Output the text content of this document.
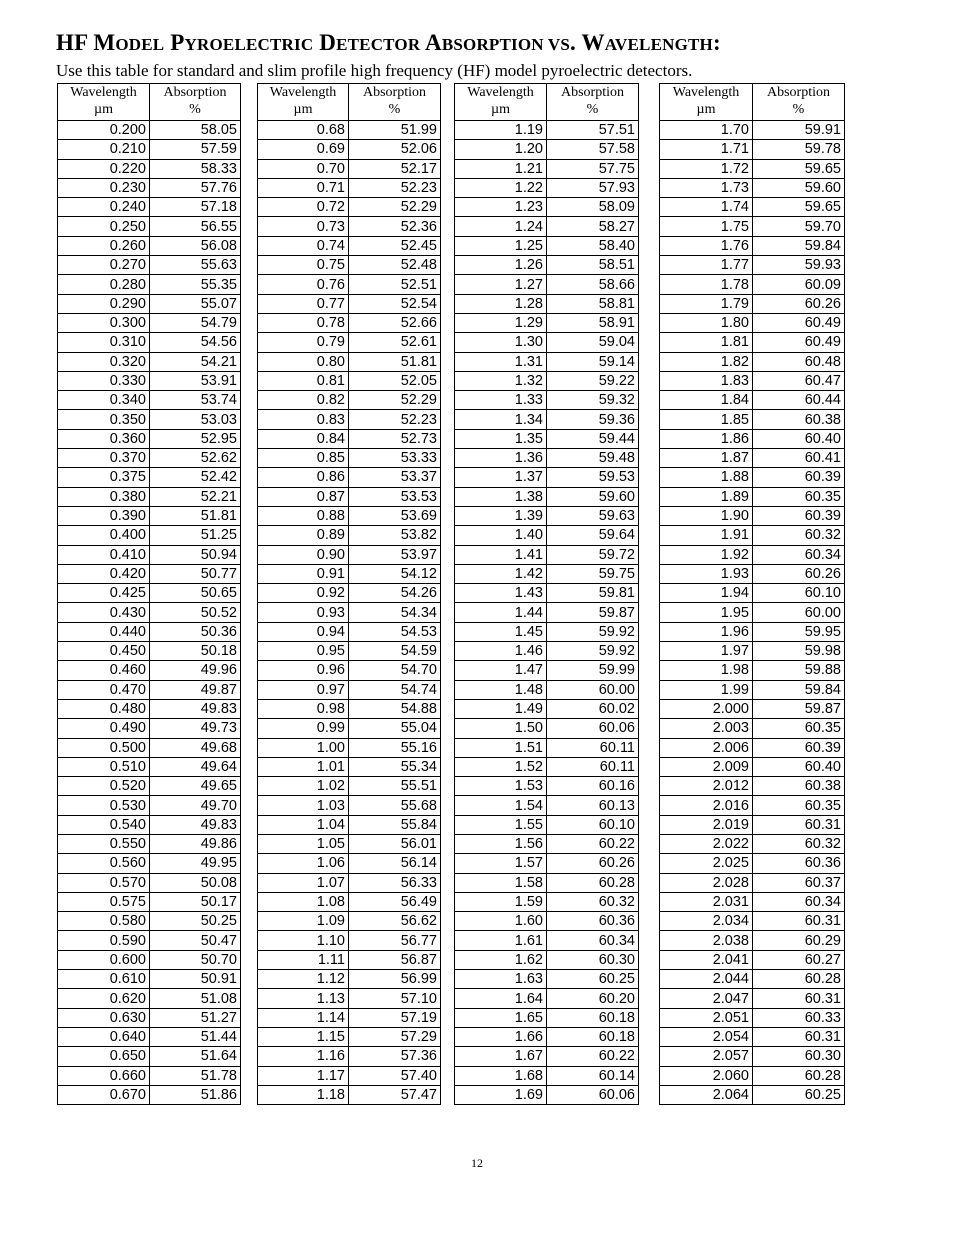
HF MODEL PYROELECTRIC DETECTOR ABSORPTION VS. WAVELENGTH:
Use this table for standard and slim profile high frequency (HF) model pyroelectric detectors.
Wavelength
µm	Absorption
%
0.200	58.05
0.210	57.59
0.220	58.33
0.230	57.76
0.240	57.18
0.250	56.55
0.260	56.08
0.270	55.63
0.280	55.35
0.290	55.07
0.300	54.79
0.310	54.56
0.320	54.21
0.330	53.91
0.340	53.74
0.350	53.03
0.360	52.95
0.370	52.62
0.375	52.42
0.380	52.21
0.390	51.81
0.400	51.25
0.410	50.94
0.420	50.77
0.425	50.65
0.430	50.52
0.440	50.36
0.450	50.18
0.460	49.96
0.470	49.87
0.480	49.83
0.490	49.73
0.500	49.68
0.510	49.64
0.520	49.65
0.530	49.70
0.540	49.83
0.550	49.86
0.560	49.95
0.570	50.08
0.575	50.17
0.580	50.25
0.590	50.47
0.600	50.70
0.610	50.91
0.620	51.08
0.630	51.27
0.640	51.44
0.650	51.64
0.660	51.78
0.670	51.86
Wavelength
µm	Absorption
%
0.68	51.99
0.69	52.06
0.70	52.17
0.71	52.23
0.72	52.29
0.73	52.36
0.74	52.45
0.75	52.48
0.76	52.51
0.77	52.54
0.78	52.66
0.79	52.61
0.80	51.81
0.81	52.05
0.82	52.29
0.83	52.23
0.84	52.73
0.85	53.33
0.86	53.37
0.87	53.53
0.88	53.69
0.89	53.82
0.90	53.97
0.91	54.12
0.92	54.26
0.93	54.34
0.94	54.53
0.95	54.59
0.96	54.70
0.97	54.74
0.98	54.88
0.99	55.04
1.00	55.16
1.01	55.34
1.02	55.51
1.03	55.68
1.04	55.84
1.05	56.01
1.06	56.14
1.07	56.33
1.08	56.49
1.09	56.62
1.10	56.77
1.11	56.87
1.12	56.99
1.13	57.10
1.14	57.19
1.15	57.29
1.16	57.36
1.17	57.40
1.18	57.47
Wavelength
µm	Absorption
%
1.19	57.51
1.20	57.58
1.21	57.75
1.22	57.93
1.23	58.09
1.24	58.27
1.25	58.40
1.26	58.51
1.27	58.66
1.28	58.81
1.29	58.91
1.30	59.04
1.31	59.14
1.32	59.22
1.33	59.32
1.34	59.36
1.35	59.44
1.36	59.48
1.37	59.53
1.38	59.60
1.39	59.63
1.40	59.64
1.41	59.72
1.42	59.75
1.43	59.81
1.44	59.87
1.45	59.92
1.46	59.92
1.47	59.99
1.48	60.00
1.49	60.02
1.50	60.06
1.51	60.11
1.52	60.11
1.53	60.16
1.54	60.13
1.55	60.10
1.56	60.22
1.57	60.26
1.58	60.28
1.59	60.32
1.60	60.36
1.61	60.34
1.62	60.30
1.63	60.25
1.64	60.20
1.65	60.18
1.66	60.18
1.67	60.22
1.68	60.14
1.69	60.06
Wavelength
µm	Absorption
%
1.70	59.91
1.71	59.78
1.72	59.65
1.73	59.60
1.74	59.65
1.75	59.70
1.76	59.84
1.77	59.93
1.78	60.09
1.79	60.26
1.80	60.49
1.81	60.49
1.82	60.48
1.83	60.47
1.84	60.44
1.85	60.38
1.86	60.40
1.87	60.41
1.88	60.39
1.89	60.35
1.90	60.39
1.91	60.32
1.92	60.34
1.93	60.26
1.94	60.10
1.95	60.00
1.96	59.95
1.97	59.98
1.98	59.88
1.99	59.84
2.000	59.87
2.003	60.35
2.006	60.39
2.009	60.40
2.012	60.38
2.016	60.35
2.019	60.31
2.022	60.32
2.025	60.36
2.028	60.37
2.031	60.34
2.034	60.31
2.038	60.29
2.041	60.27
2.044	60.28
2.047	60.31
2.051	60.33
2.054	60.31
2.057	60.30
2.060	60.28
2.064	60.25
12
